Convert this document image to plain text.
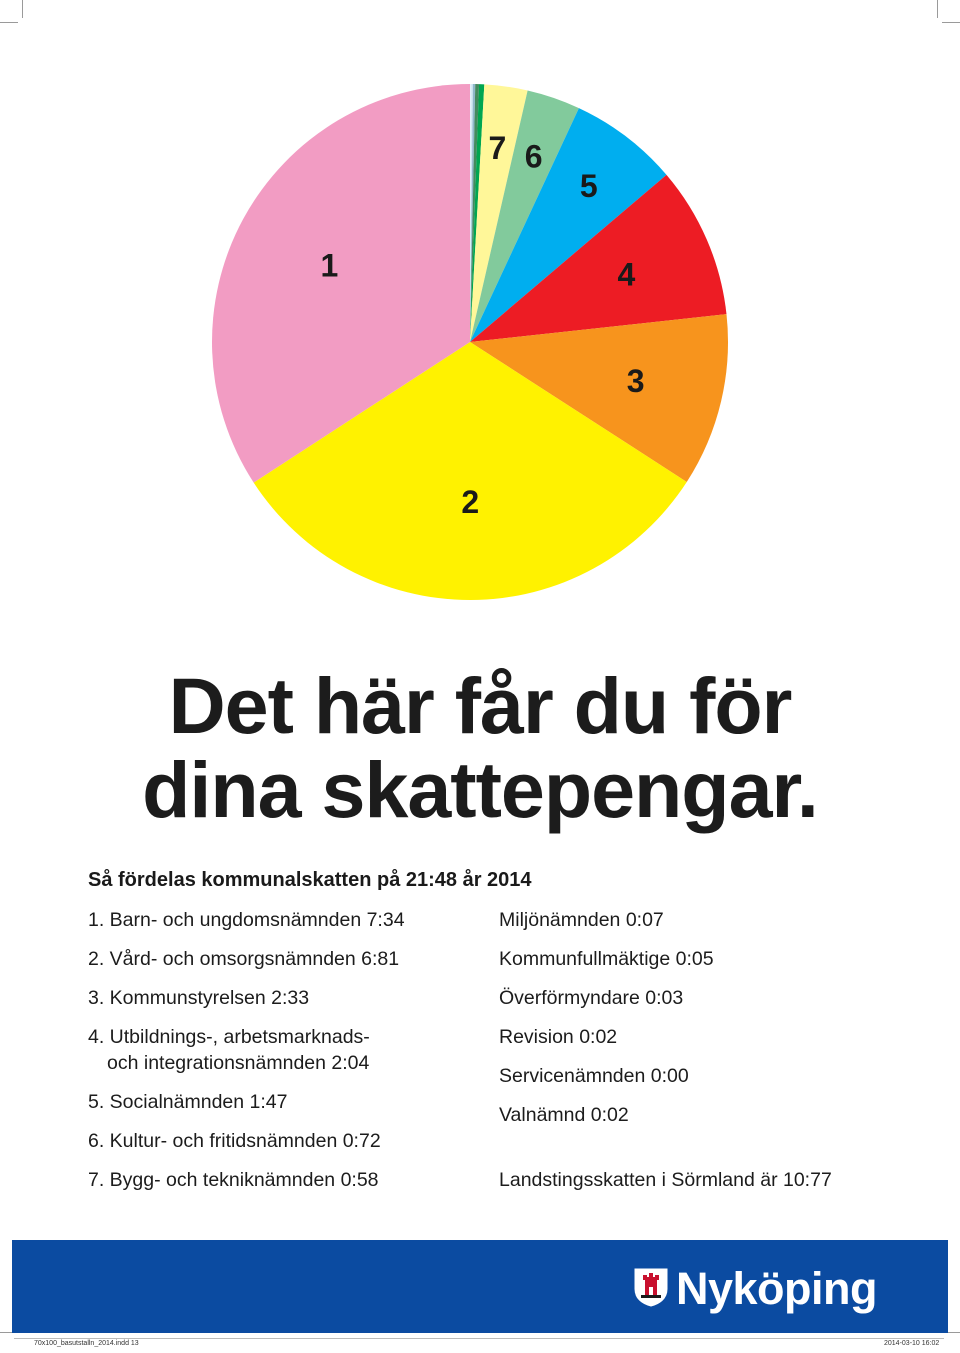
7 6
5
4
3
2
1
Det här får du för
dina skattepengar.
Så fördelas kommunalskatten på 21:48 år 2014
1. Barn- och ungdomsnämnden 7:34
2. Vård- och omsorgsnämnden 6:81
3. Kommunstyrelsen 2:33
4. Utbildnings-, arbetsmarknads-
och integrationsnämnden 2:04
5. Socialnämnden 1:47
6. Kultur- och fritidsnämnden 0:72
7. Bygg- och tekniknämnden 0:58
Miljönämnden 0:07
Kommunfullmäktige 0:05
Överförmyndare 0:03
Revision 0:02
Servicenämnden 0:00
Valnämnd 0:02
Landstingsskatten i Sörmland är 10:77
Nyköping
70x100_basutstalln_2014.indd 13	2014-03-10 16:02
